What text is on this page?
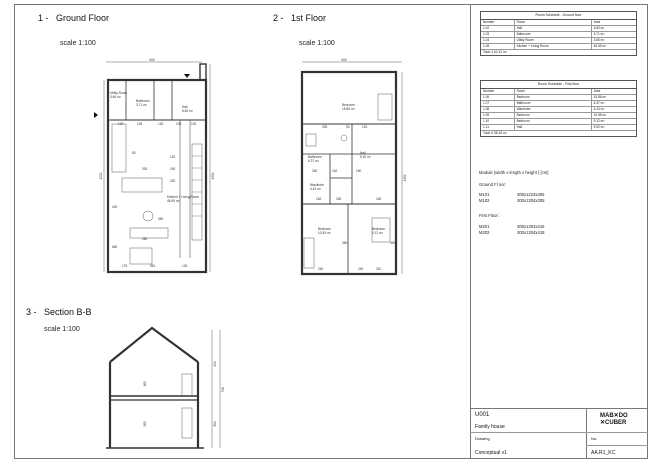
1 - Ground Floor
scale 1:100
2 - 1st Floor
scale 1:100
3 - Section B-B
scale 1:100
600
1224	1304
Utility Room
3.66 m²
Bathroom
3.71 m²	Hall
8.83 m²
Kitchen + Living Room
46.59 m²
120	125	152	130	100
120
150
240
50
400
200
660
280
350
551
175	120
600
1304
Bedroom
15.86 m²
Bathroom
6.37 m²
Hall
5.92 m²
Wardrobe
4.43 m²
Bedroom
10.55 m²
Bedroom
9.12 m²
330	93	120
260	162	160
262	180	160
360	400
262	240	310
414
718
304
160
260
Room Schedule - Ground floor
Number	Room	Area
1.02	Hall	8.83 m²
1.03	Bathroom	3.71 m²
1.04	Utility Room	3.66 m²
1.05	Kitchen + Living Room	46.59 m²
Total: 4 62.41 m²
Room Schedule - First floor
Number	Room	Area
1.06	Bedroom	15.86 m²
1.07	Bathroom	6.37 m²
1.08	Wardrobe	4.43 m²
1.09	Bedroom	10.55 m²
1.10	Bedroom	9.12 m²
1.11	Hall	5.92 m²
Total: 6 58.33 m²
Module (width x length x height ) [cm]
Ground Fl oor:
M101	300x1224x305
M102	300x1304x305
First Floor :
M201	300x1304x415
M202	300x1304x415
U001
Family house
Drawing
Conceptual v1
No:
AA.R1_KC
MAB✕DO
✕CUBER
